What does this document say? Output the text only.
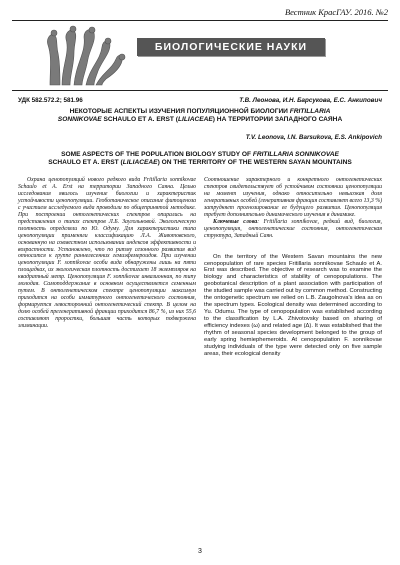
Вестник КрасГАУ. 2016. №2
БИОЛОГИЧЕСКИЕ НАУКИ
УДК 582.572.2; 581.96	Т.В. Леонова, И.Н. Барсукова, Е.С. Анкипович
НЕКОТОРЫЕ АСПЕКТЫ ИЗУЧЕНИЯ ПОПУЛЯЦИОННОЙ БИОЛОГИИ FRITILLARIA
SONNIKOVAE SCHAULO ET A. ERST (LILIACEAE) НА ТЕРРИТОРИИ ЗАПАДНОГО САЯНА
T.V. Leonova, I.N. Barsukova, E.S. Ankipovich
SOME ASPECTS OF THE POPULATION BIOLOGY STUDY OF FRITILLARIA SONNIKOVAE
SCHAULO ET A. ERST (LILIACEAE) ON THE TERRITORY OF THE WESTERN SAYAN MOUNTAINS

Охрана ценопопуляций нового редкого вида Fritillaria sonnikovae Schaulo et A. Erst на территории Западного Саяна. Целью исследования явилось изучение биологии и характеристик устойчивости ценопопуляции. Геоботаническое описание фитоценоза с участием исследуемого вида проводили по общепринятой методике. При построении онтогенетических спектров опирались на представления о типах спектров Л.Б. Заугольновой. Экологическую плотность определяли по Ю. Одуму. Для характеристики типа ценопопуляции применяли классификацию Л.А. Животовского, основанную на совместном использовании индексов эффективности и возрастности. Установлено, что по ритму сезонного развития вид относится к группе раннелесенних гемиэфемероидов. При изучении ценопопуляции F. sonnikovae особи вида обнаружены лишь на пяти площадках, их экологическая плотность достигает 18 экземпляров на квадратный метр. Ценопопуляция F. sonnikovae инвазионная, по типу молодая. Самоподдержание в основном осуществляется семенным путем. В онтогенетическом спектре ценопопуляции максимум приходится на особи имматурного онтогенетического состояния, формируется левосторонний онтогенетический спектр. В целом на долю особей прегенеративной фракции приходится 86,7 %, из них 55,6 составляют проростки, большая часть которых подвержена элиминации.

Соотношение характерного и конкретного онтогенетических спектров свидетельствует об устойчивом состоянии ценопопуляции на момент изучения, однако относительно невысокая доля генеративных особей (генеративная фракция составляет всего 13,3 %) затрудняет прогнозирование ее будущего развития. Ценопопуляция требует дополнительно динамического изучения в динамике.

Ключевые слова: Fritillaria sonnikovae, редкий вид, биология, ценопопуляция, онтогенетические состояния, онтогенетическая структура, Западный Саян.

On the territory of the Western Savan mountains the new cenopopulation of rare species Fritillaria sonnikovae Schaulo et A. Erst was described. The objective of research was to examine the biology and characteristics of stability of cenopopulations. The geobotanical description of a plant association with participation of the studied sample was carried out by common method. Constructing the ontogenetic spectrum we relied on L.B. Zaugolnova's idea as on the spectrum types. Ecological density was determined according to Yu. Odumu. The type of cenopopulation was established according to the classification by L.A. Zhivotovsky based on sharing of efficiency indexes (ω) and related age (Δ). It was established that the rhythm of seasonal species development belonged to the group of early spring hemiephemeroids. At cenopopulation F. sonnikovae studying individuals of the type were detected only on five sample areas, their ecological density

3
